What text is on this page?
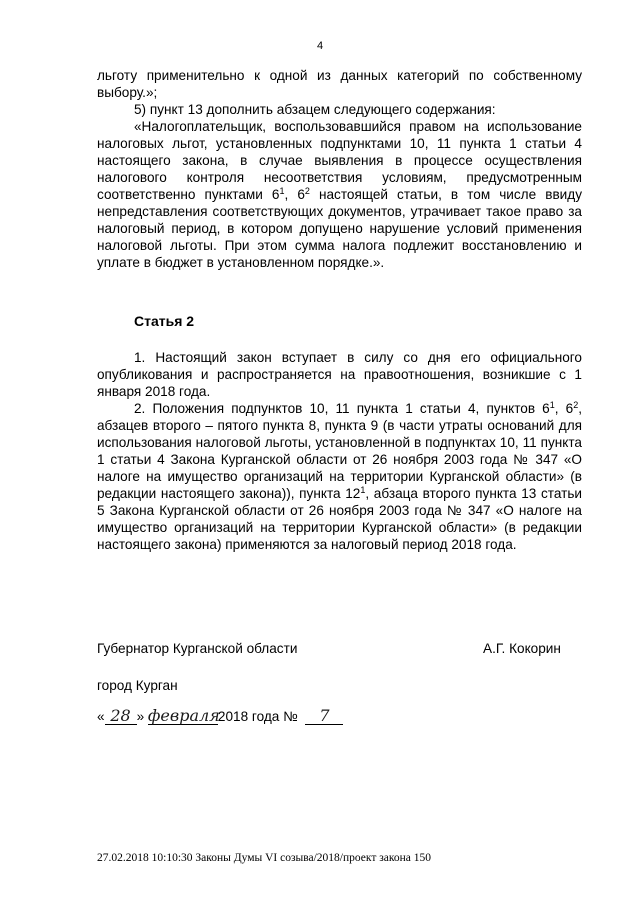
4

льготу применительно к одной из данных категорий по собственному выбору.»;

5) пункт 13 дополнить абзацем следующего содержания:

«Налогоплательщик, воспользовавшийся правом на использование налоговых льгот, установленных подпунктами 10, 11 пункта 1 статьи 4 настоящего закона, в случае выявления в процессе осуществления налогового контроля несоответствия условиям, предусмотренным соответственно пунктами $6^1$, $6^2$ настоящей статьи, в том числе ввиду непредставления соответствующих документов, утрачивает такое право за налоговый период, в котором допущено нарушение условий применения налоговой льготы. При этом сумма налога подлежит восстановлению и уплате в бюджет в установленном порядке.».

Статья 2

1. Настоящий закон вступает в силу со дня его официального опубликования и распространяется на правоотношения, возникшие с 1 января 2018 года.

2. Положения подпунктов 10, 11 пункта 1 статьи 4, пунктов $6^1$, $6^2$, абзацев второго – пятого пункта 8, пункта 9 (в части утраты оснований для использования налоговой льготы, установленной в подпунктах 10, 11 пункта 1 статьи 4 Закона Курганской области от 26 ноября 2003 года № 347 «О налоге на имущество организаций на территории Курганской области» (в редакции настоящего закона)), пункта $12^1$, абзаца второго пункта 13 статьи 5 Закона Курганской области от 26 ноября 2003 года № 347 «О налоге на имущество организаций на территории Курганской области» (в редакции настоящего закона) применяются за налоговый период 2018 года.

Губернатор Курганской области	А.Г. Кокорин
город Курган
« 28 » февраля2018 года № 7
27.02.2018 10:10:30 Законы Думы VI созыва/2018/проект закона 150
